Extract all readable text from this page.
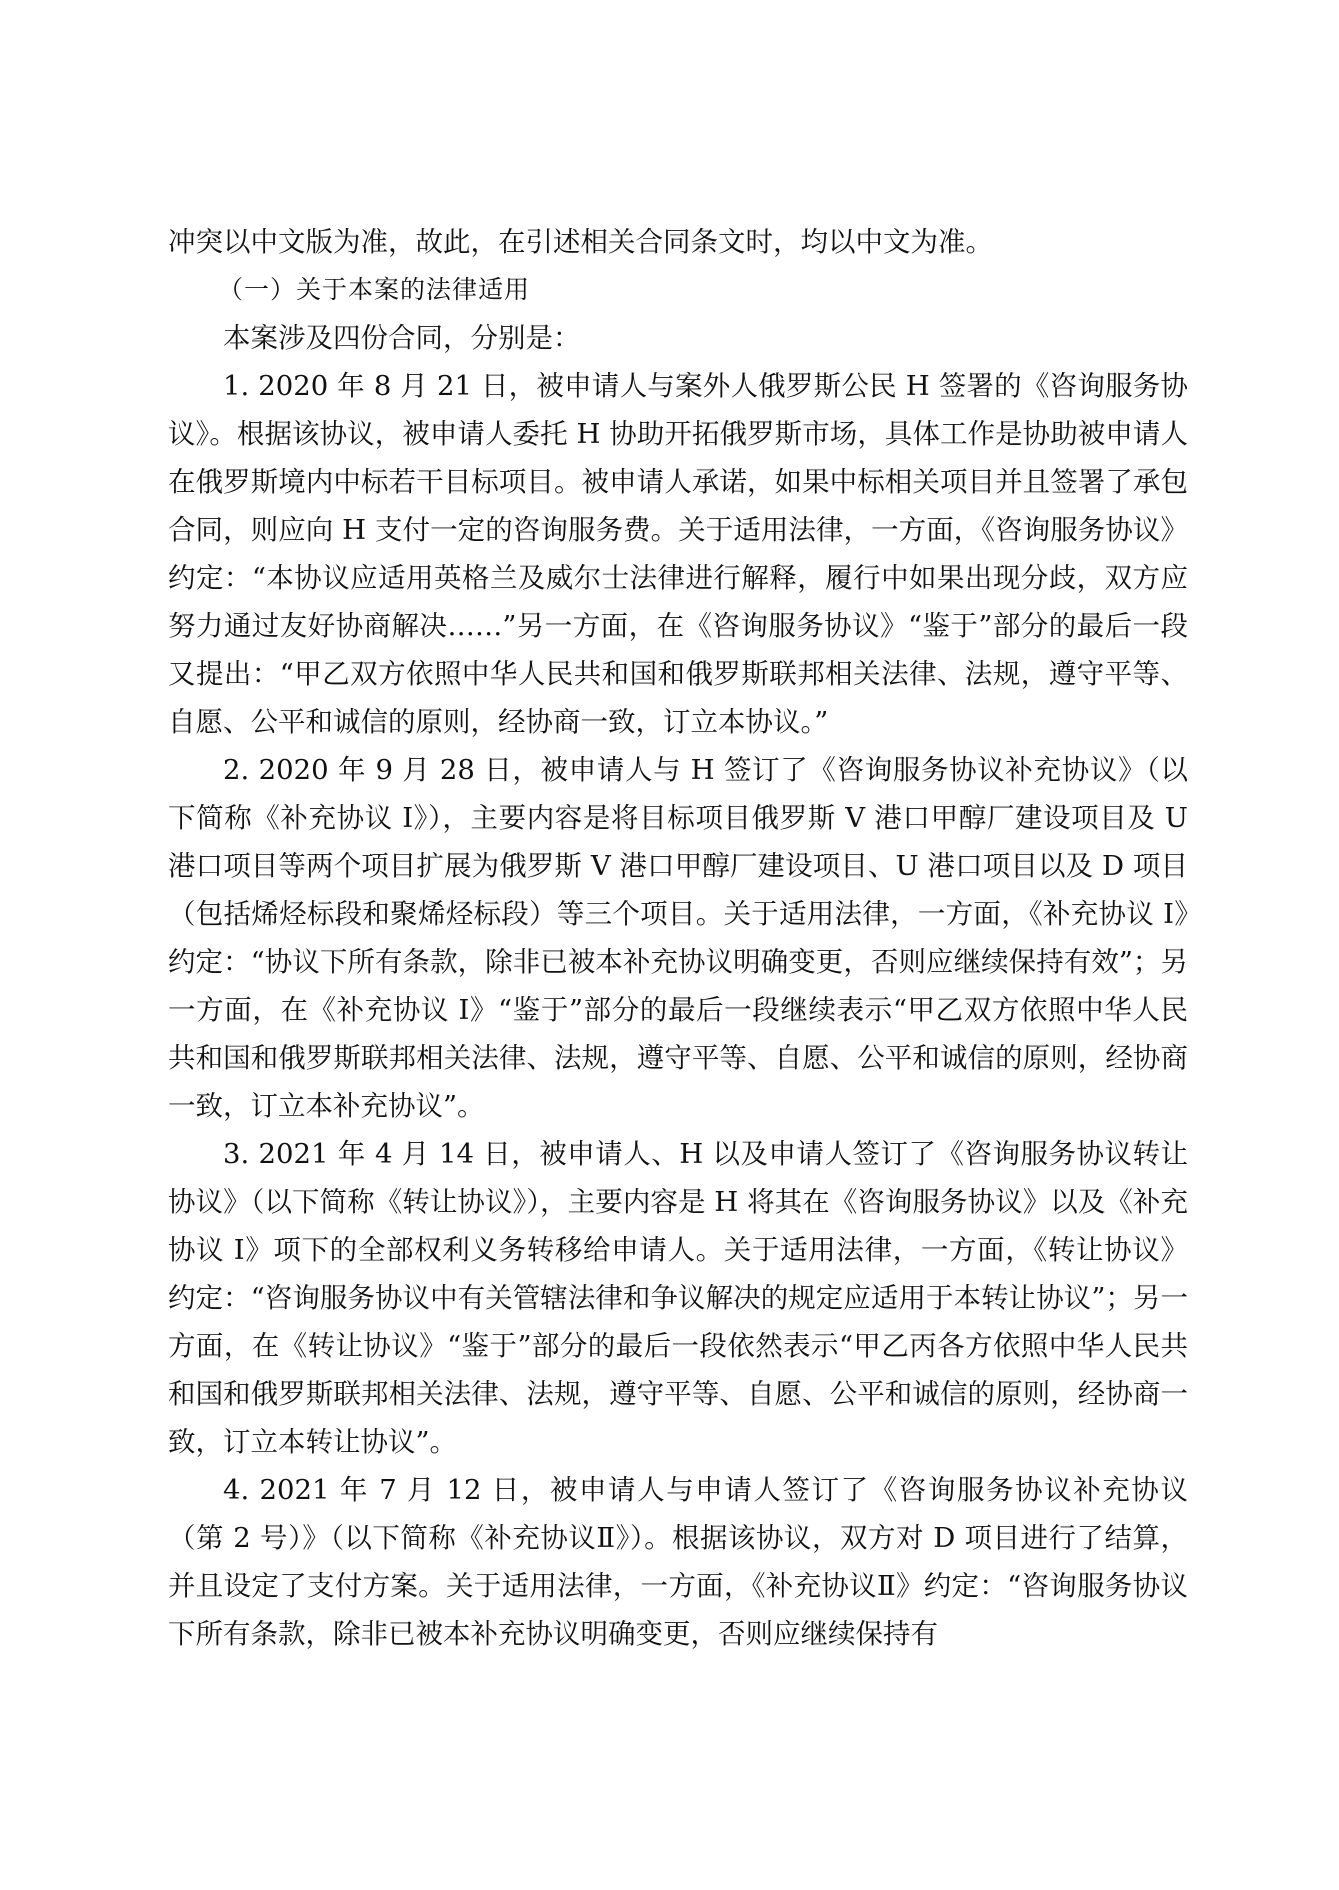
冲突以中文版为准，故此，在引述相关合同条文时，均以中文为准。

（一）关于本案的法律适用

本案涉及四份合同，分别是：

1. 2020 年 8 月 21 日，被申请人与案外人俄罗斯公民 H 签署的《咨询服务协议》。根据该协议，被申请人委托 H 协助开拓俄罗斯市场，具体工作是协助被申请人在俄罗斯境内中标若干目标项目。被申请人承诺，如果中标相关项目并且签署了承包合同，则应向 H 支付一定的咨询服务费。关于适用法律，一方面，《咨询服务协议》约定：“本协议应适用英格兰及威尔士法律进行解释，履行中如果出现分歧，双方应努力通过友好协商解决……”另一方面，在《咨询服务协议》“鉴于”部分的最后一段又提出：“甲乙双方依照中华人民共和国和俄罗斯联邦相关法律、法规，遵守平等、自愿、公平和诚信的原则，经协商一致，订立本协议。”

2. 2020 年 9 月 28 日，被申请人与 H 签订了《咨询服务协议补充协议》（以下简称《补充协议 I》），主要内容是将目标项目俄罗斯 V 港口甲醇厂建设项目及 U 港口项目等两个项目扩展为俄罗斯 V 港口甲醇厂建设项目、U 港口项目以及 D 项目（包括烯烃标段和聚烯烃标段）等三个项目。关于适用法律，一方面，《补充协议 I》约定：“协议下所有条款，除非已被本补充协议明确变更，否则应继续保持有效”；另一方面，在《补充协议 I》“鉴于”部分的最后一段继续表示“甲乙双方依照中华人民共和国和俄罗斯联邦相关法律、法规，遵守平等、自愿、公平和诚信的原则，经协商一致，订立本补充协议”。

3. 2021 年 4 月 14 日，被申请人、H 以及申请人签订了《咨询服务协议转让协议》（以下简称《转让协议》），主要内容是 H 将其在《咨询服务协议》以及《补充协议 I》项下的全部权利义务转移给申请人。关于适用法律，一方面，《转让协议》约定：“咨询服务协议中有关管辖法律和争议解决的规定应适用于本转让协议”；另一方面，在《转让协议》“鉴于”部分的最后一段依然表示“甲乙丙各方依照中华人民共和国和俄罗斯联邦相关法律、法规，遵守平等、自愿、公平和诚信的原则，经协商一致，订立本转让协议”。

4. 2021 年 7 月 12 日，被申请人与申请人签订了《咨询服务协议补充协议（第 2 号）》（以下简称《补充协议Ⅱ》）。根据该协议，双方对 D 项目进行了结算，并且设定了支付方案。关于适用法律，一方面，《补充协议Ⅱ》约定：“咨询服务协议下所有条款，除非已被本补充协议明确变更，否则应继续保持有
